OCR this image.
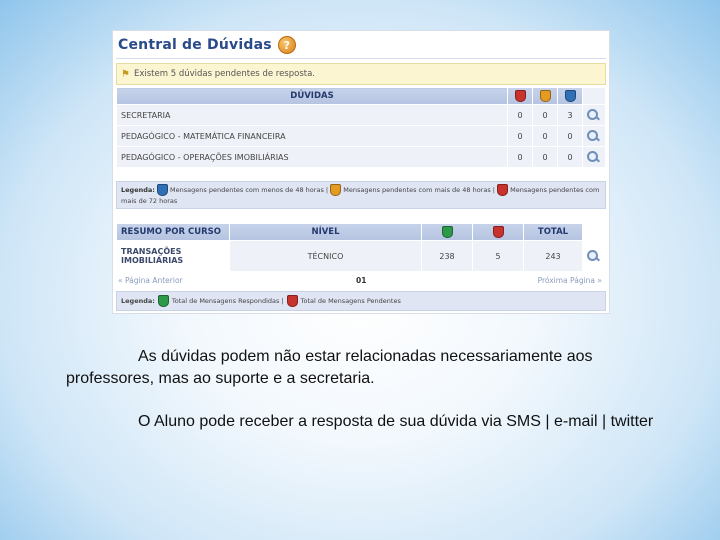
Central de Dúvidas	?
⚑ Existem 5 dúvidas pendentes de resposta.
DÚVIDAS				
SECRETARIA	0	0	3	
PEDAGÓGICO - MATEMÁTICA FINANCEIRA	0	0	0	
PEDAGÓGICO - OPERAÇÕES IMOBILIÁRIAS	0	0	0	
Legenda: Mensagens pendentes com menos de 48 horas | Mensagens pendentes com mais de 48 horas | Mensagens pendentes com mais de 72 horas
RESUMO POR CURSO	NÍVEL			TOTAL	
TRANSAÇÕES IMOBILIÁRIAS	TÉCNICO	238	5	243	
« Página Anterior	01	Próxima Página »
Legenda:	Total de Mensagens Respondidas |	Total de Mensagens Pendentes
As dúvidas podem não estar relacionadas necessariamente aos professores, mas ao suporte e a secretaria.
O Aluno pode receber a resposta de sua dúvida via SMS | e-mail | twitter
